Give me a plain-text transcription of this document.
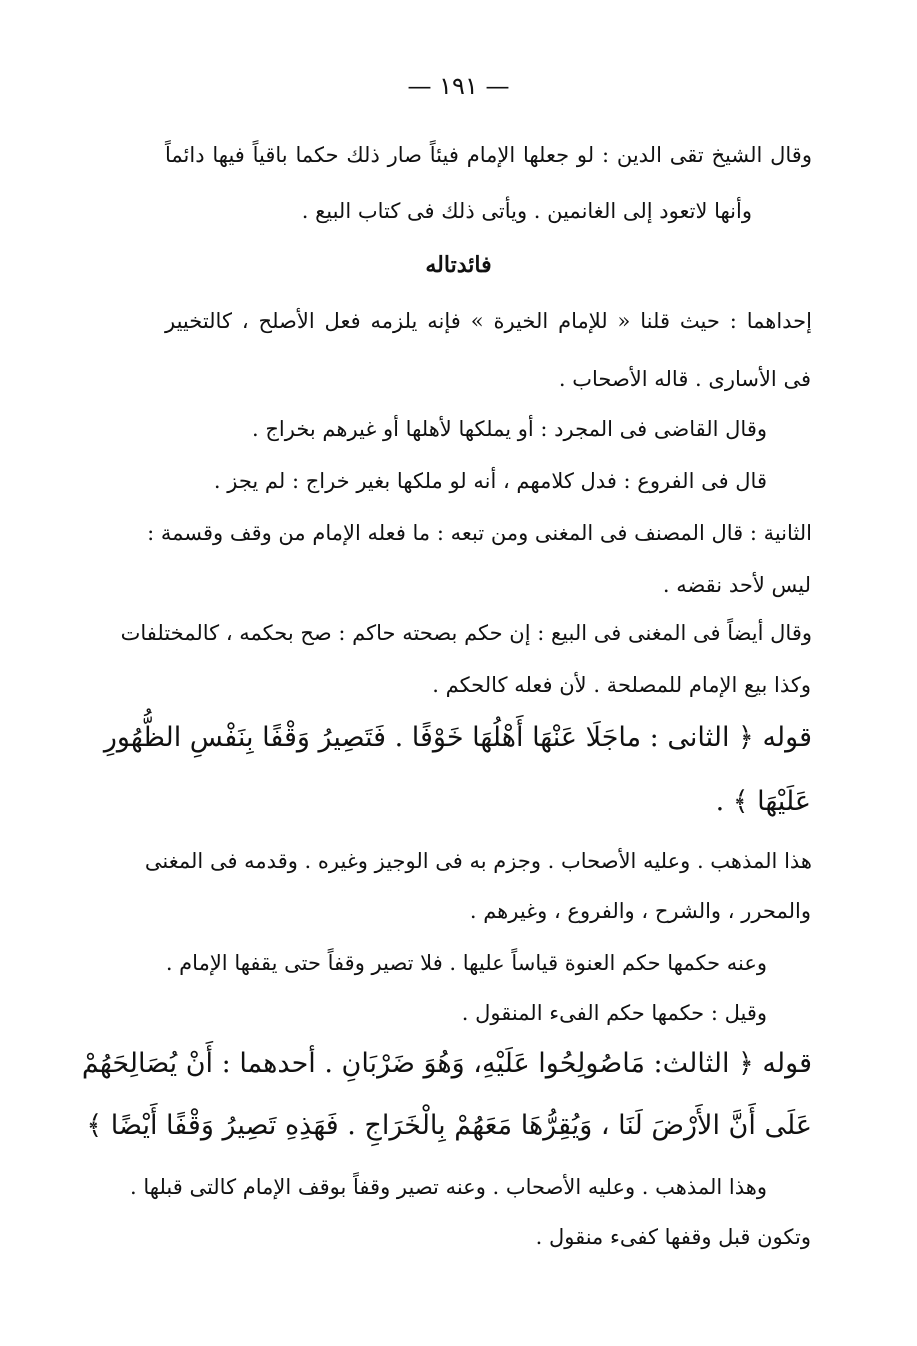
— ١٩١ —
وقال الشيخ تقى الدين : لو جعلها الإمام فيئاً صار ذلك حكما باقياً فيها دائماً
وأنها لاتعود إلى الغانمين . ويأتى ذلك فى كتاب البيع .
فائدتاله
إحداهما : حيث قلنا « للإمام الخيرة » فإنه يلزمه فعل الأصلح ، كالتخيير
فى الأسارى . قاله الأصحاب .
وقال القاضى فى المجرد : أو يملكها لأهلها أو غيرهم بخراج .
قال فى الفروع : فدل كلامهم ، أنه لو ملكها بغير خراج : لم يجز .
الثانية : قال المصنف فى المغنى ومن تبعه : ما فعله الإمام من وقف وقسمة :
ليس لأحد نقضه .
وقال أيضاً فى المغنى فى البيع : إن حكم بصحته حاكم : صح بحكمه ، كالمختلفات
وكذا بيع الإمام للمصلحة . لأن فعله كالحكم .
قوله ﴿ الثانى : ماجَلَا عَنْهَا أَهْلُهَا خَوْفًا . فَتَصِيرُ وَقْفًا بِنَفْسِ الظُّهُورِ
عَلَيْهَا ﴾ .
هذا المذهب . وعليه الأصحاب . وجزم به فى الوجيز وغيره . وقدمه فى المغنى
والمحرر ، والشرح ، والفروع ، وغيرهم .
وعنه حكمها حكم العنوة قياساً عليها . فلا تصير وقفاً حتى يقفها الإمام .
وقيل : حكمها حكم الفىء المنقول .
قوله ﴿ الثالث: مَاصُولِحُوا عَلَيْهِ، وَهُوَ ضَرْبَانِ . أحدهما : أَنْ يُصَالِحَهُمْ
عَلَى أَنَّ الأَرْضَ لَنَا ، وَيُقِرُّهَا مَعَهُمْ بِالْخَرَاجِ . فَهَذِهِ تَصِيرُ وَقْفًا أَيْضًا ﴾
وهذا المذهب . وعليه الأصحاب . وعنه تصير وقفاً بوقف الإمام كالتى قبلها .
وتكون قبل وقفها كفىء منقول .
